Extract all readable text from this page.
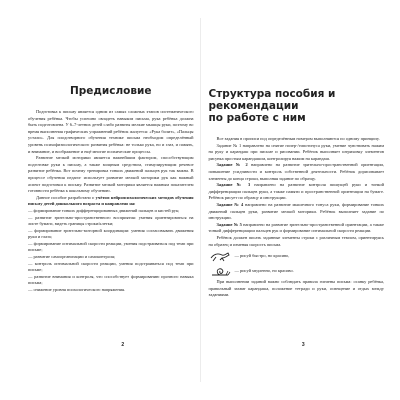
Предисловие

Подготовка к письму является одним из самых сложных этапов систематического обучения ребёнка. Чтобы успешно овладеть навыком письма, рука ребёнка должна быть подготовлена. У 6–7-летних детей слабо развиты мелкие мышцы руки, поэтому во время выполнения графических упражнений ребёнок жалуется: «Рука болит», «Пальцы устали». Для плодотворного обучения технике письма необходим определённый уровень психофизиологического развития ребёнка: не только рука, но и глаз, и память, и внимание, и воображение и ещё многие психические процессы.

Развитие мелкой моторики является важнейшим фактором, способствующим подготовке руки к письму, а также мощным средством, стимулирующим речевое развитие ребёнка. Вот почему тренировка тонких движений пальцев рук так важна. В процессе обучения педагог использует развитие мелкой моторики рук как важный аспект подготовки к письму. Развитие мелкой моторики является важным показателем готовности ребёнка к школьному обучению.

Данное пособие разработано с учётом нейропсихологических методов обучения письму детей дошкольного возраста и направлено на:

— формирование тонких дифференцированных движений пальцев и кистей рук;

— развитие зрительно-пространственного восприятия: умения ориентироваться на листе бумаги, видеть границы строки/клетки;

— формирование зрительно-моторной координации: умения согласовывать движения руки и глаза;

— формирование оптимальной скорости реакции, умения подстраиваться под темп при письме;

— развитие самоорганизации и самоконтроля;

— контроль оптимальной скорости реакции, умения подстраиваться под темп при письме;

— развитие внимания и контроля, что способствует формированию прочного навыка письма;

— снижение уровня психологического напряжения.

2
Структура пособия и рекомендации
по работе с ним

Все задания в прописи под определённым номером выполняются по одному принципу.

Задание № 1 направлено на снятие гипер-/гипотонуса руки, умение чувствовать нажим на руку и карандаш при письме и рисовании. Ребёнок выполняет штриховку элементов рисунка простым карандашом, контролируя нажим на карандаш.

Задание № 2 направлено на развитие зрительно-пространственной ориентации, повышение усидчивости и контроль собственной деятельности. Ребёнок дорисовывает элементы до конца строки, выполняя задание по образцу.

Задание № 3 направлено на развитие контроля пишущей руки и тонкой дифференциации пальцев руки, а также памяти и пространственной ориентации на бумаге. Ребёнок рисует по образцу и инструкции.

Задание № 4 направлено на развитие мышечного тонуса руки, формирование тонких движений пальцев руки, развитие мелкой моторики. Ребёнок выполняет задание по инструкции.

Задание № 5 направлено на развитие зрительно-пространственной ориентации, а также тонкой дифференциации пальцев рук и формирование оптимальной скорости реакции.

Ребёнок должен писать заданные элементы строки с различным темпом, ориентируясь на образец и изменяя скорость письма.

— рисуй быстро, но красиво,
— рисуй медленно, но красиво.

При выполнении заданий важно соблюдать правила гигиены письма: осанку ребёнка, правильный захват карандаша, положение тетради и руки, освещение и отдых между заданиями.

3
